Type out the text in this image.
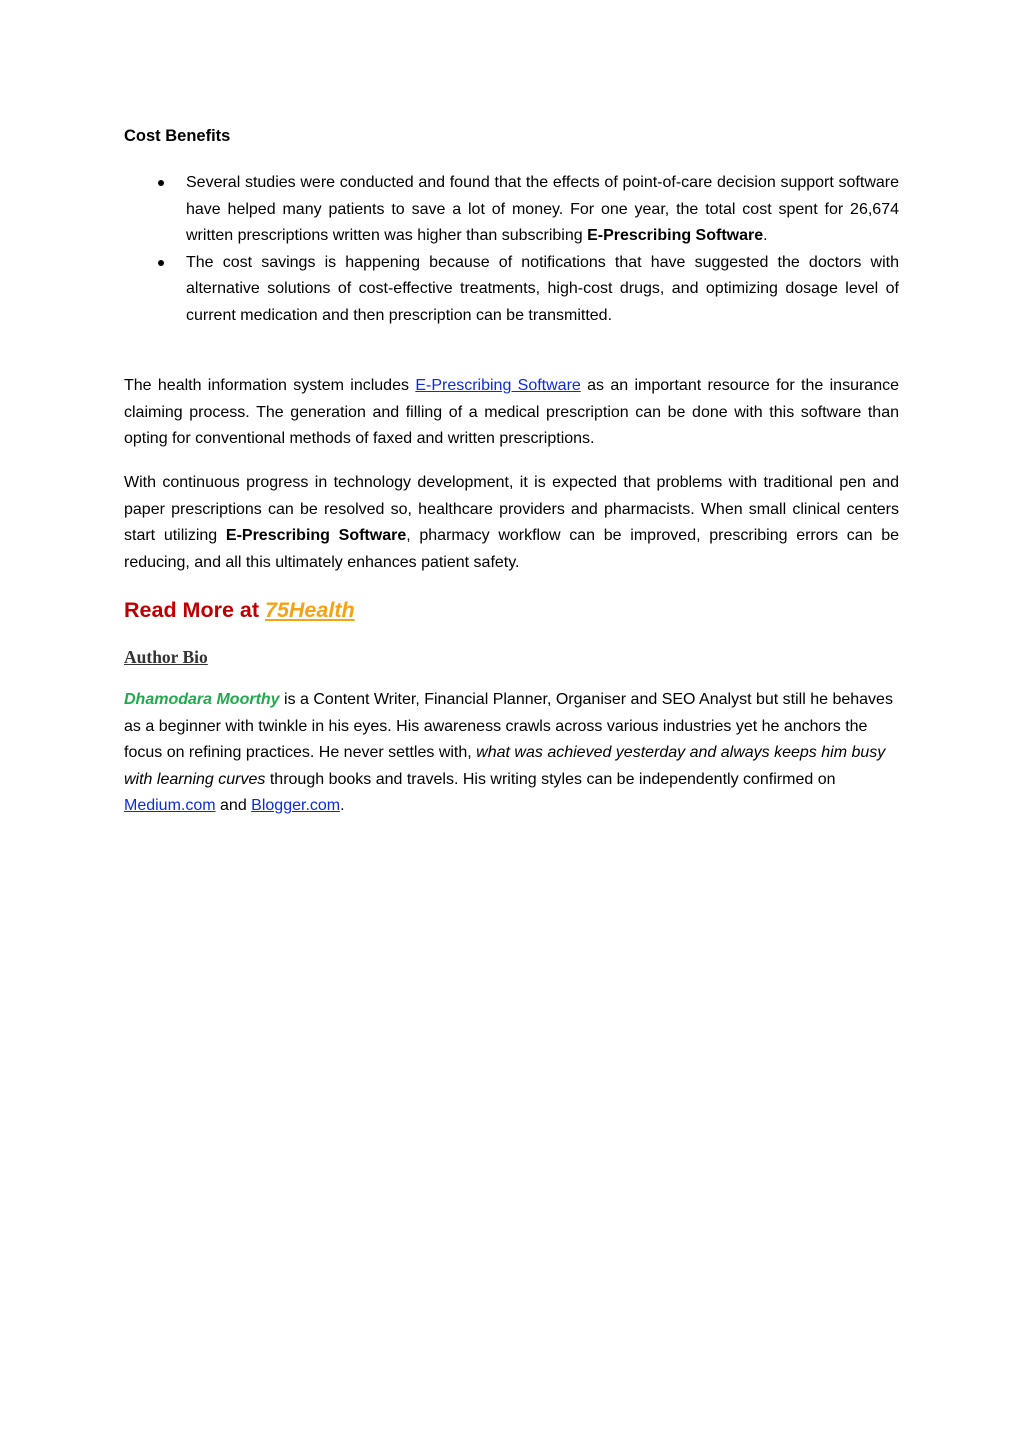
Cost Benefits
Several studies were conducted and found that the effects of point-of-care decision support software have helped many patients to save a lot of money. For one year, the total cost spent for 26,674 written prescriptions written was higher than subscribing E-Prescribing Software.
The cost savings is happening because of notifications that have suggested the doctors with alternative solutions of cost-effective treatments, high-cost drugs, and optimizing dosage level of current medication and then prescription can be transmitted.

The health information system includes E-Prescribing Software as an important resource for the insurance claiming process. The generation and filling of a medical prescription can be done with this software than opting for conventional methods of faxed and written prescriptions.

With continuous progress in technology development, it is expected that problems with traditional pen and paper prescriptions can be resolved so, healthcare providers and pharmacists. When small clinical centers start utilizing E-Prescribing Software, pharmacy workflow can be improved, prescribing errors can be reducing, and all this ultimately enhances patient safety.

Read More at 75Health
Author Bio

Dhamodara Moorthy is a Content Writer, Financial Planner, Organiser and SEO Analyst but still he behaves as a beginner with twinkle in his eyes. His awareness crawls across various industries yet he anchors the focus on refining practices. He never settles with, what was achieved yesterday and always keeps him busy with learning curves through books and travels. His writing styles can be independently confirmed on Medium.com and Blogger.com.
